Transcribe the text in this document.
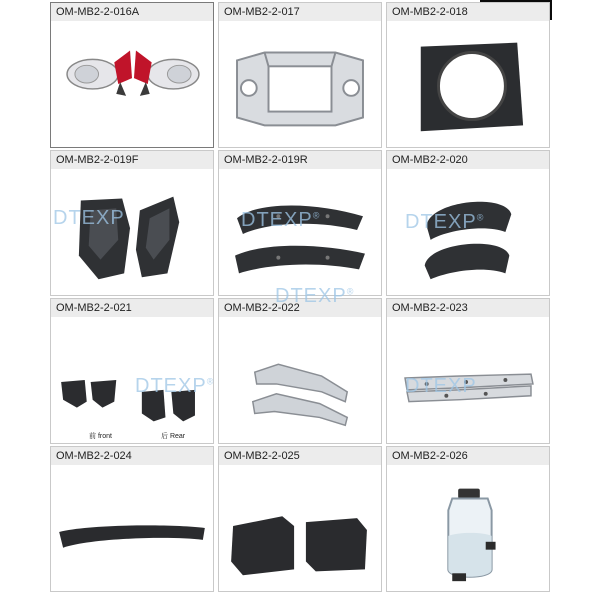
OM-MB2-2-016A	OM-MB2-2-017	OM-MB2-2-018
OM-MB2-2-019F
DTEXP
OM-MB2-2-019R
DTEXP®
OM-MB2-2-020
DTEXP®
OM-MB2-2-021
前 front	后 Rear
DTEXP®
OM-MB2-2-022
DTEXP®
OM-MB2-2-023
DTEXP
OM-MB2-2-024	OM-MB2-2-025	OM-MB2-2-026
